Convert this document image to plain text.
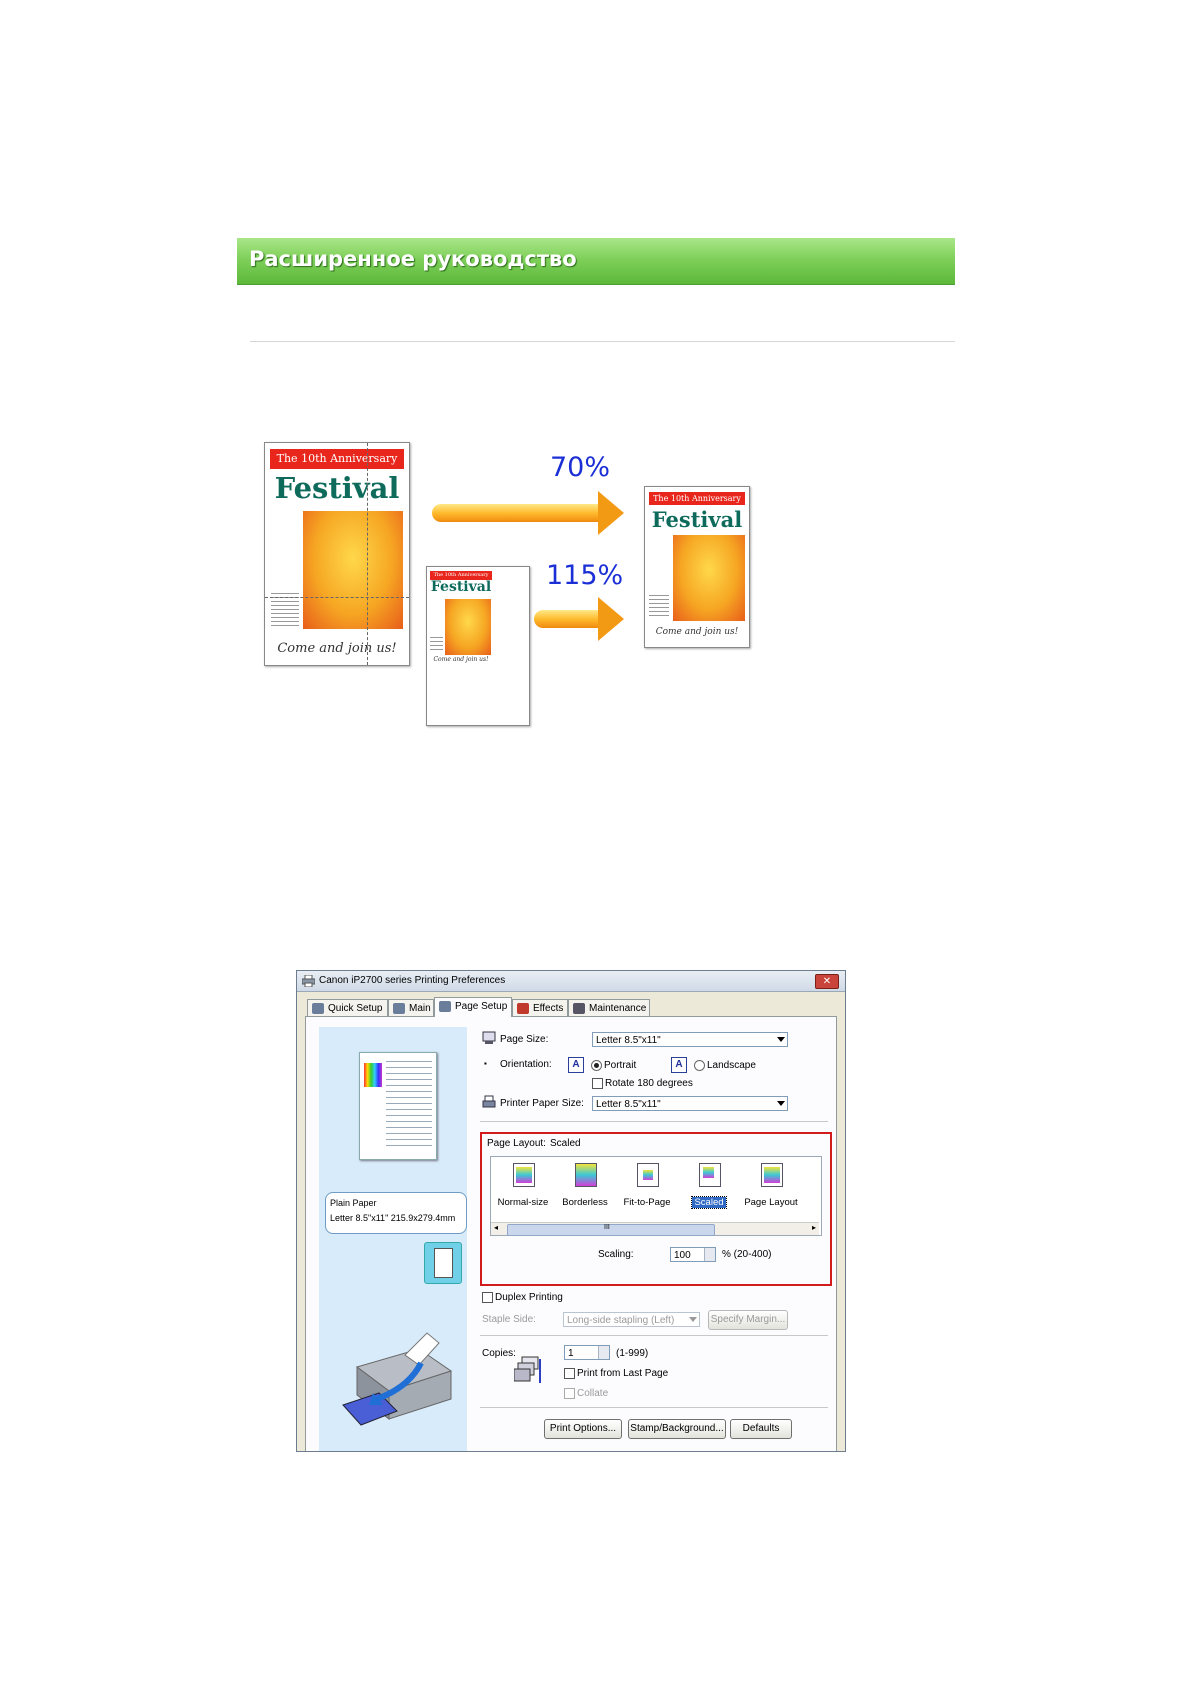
Расширенное руководство
The 10th Anniversary
Festival
Come and join us!
The 10th Anniversary
Festival
Come and join us!
70%
115%
The 10th Anniversary
Festival
Come and join us!
Canon iP2700 series Printing Preferences	✕
Quick Setup	Main	Page Setup	Effects	Maintenance
Plain Paper
Letter 8.5"x11" 215.9x279.4mm
Page Size:	Letter 8.5"x11"
▪ Orientation:	A	Portrait	A	Landscape
Rotate 180 degrees
Printer Paper Size:	Letter 8.5"x11"
Page Layout: Scaled
Normal-size	Borderless	Fit-to-Page	Scaled	Page Layout
◂	III	▸
Scaling:	100	% (20-400)
Duplex Printing
Staple Side:	Long-side stapling (Left)	Specify Margin...
Copies:	1	(1-999)
Print from Last Page
Collate
Print Options...	Stamp/Background...	Defaults
